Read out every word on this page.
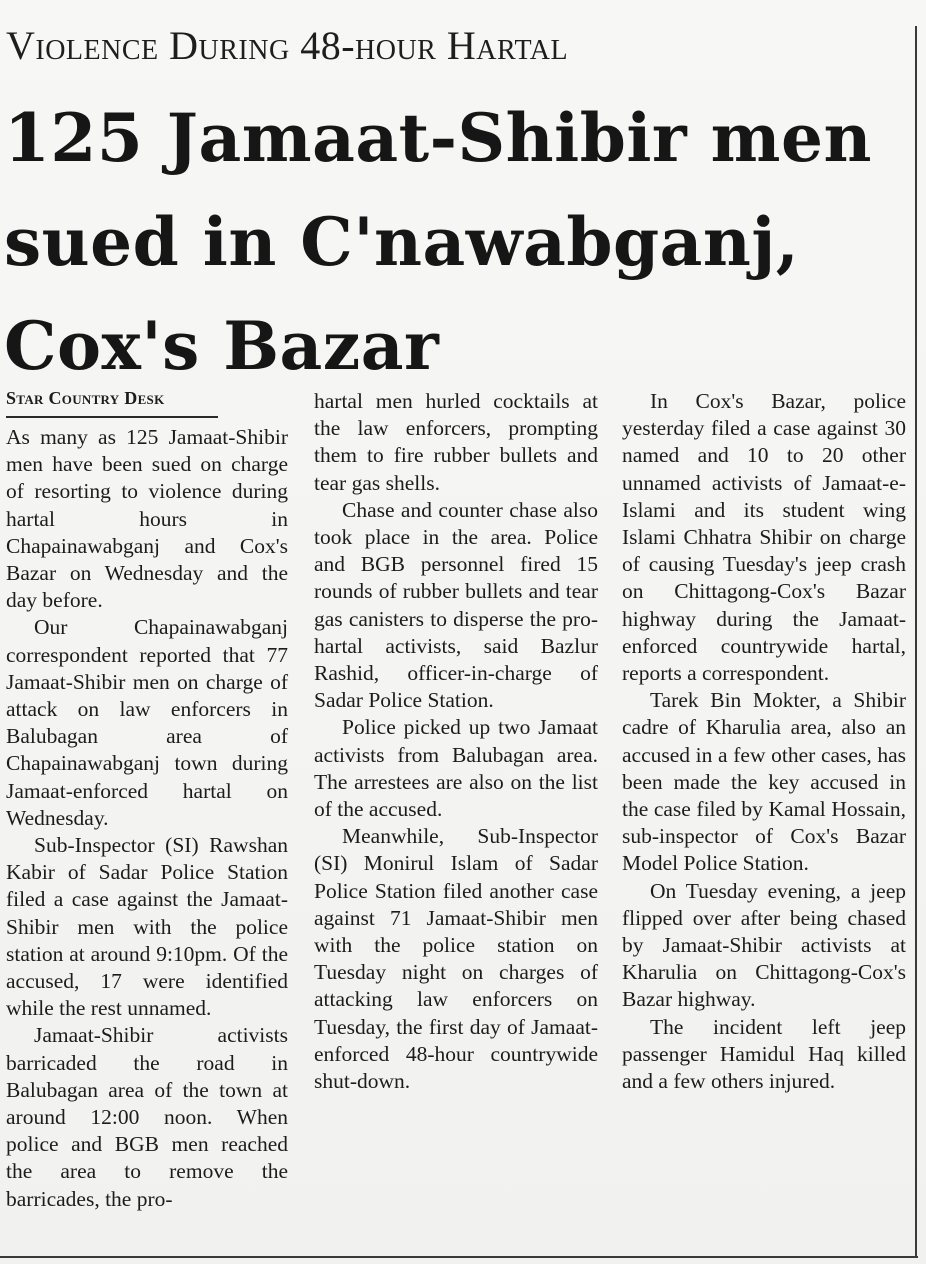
Violence During 48-hour Hartal
125 Jamaat-Shibir men
sued in C'nawabganj,
Cox's Bazar
Star Country Desk

As many as 125 Jamaat-Shibir men have been sued on charge of resorting to violence during hartal hours in Chapainawabganj and Cox's Bazar on Wednesday and the day before.

Our Chapainawabganj correspondent reported that 77 Jamaat-Shibir men on charge of attack on law enforcers in Balubagan area of Chapainawabganj town during Jamaat-enforced hartal on Wednesday.

Sub-Inspector (SI) Rawshan Kabir of Sadar Police Station filed a case against the Jamaat-Shibir men with the police station at around 9:10pm. Of the accused, 17 were identified while the rest unnamed.

Jamaat-Shibir activists barricaded the road in Balubagan area of the town at around 12:00 noon. When police and BGB men reached the area to remove the barricades, the pro-

hartal men hurled cocktails at the law enforcers, prompting them to fire rubber bullets and tear gas shells.

Chase and counter chase also took place in the area. Police and BGB personnel fired 15 rounds of rubber bullets and tear gas canisters to disperse the pro-hartal activists, said Bazlur Rashid, officer-in-charge of Sadar Police Station.

Police picked up two Jamaat activists from Balubagan area. The arrestees are also on the list of the accused.

Meanwhile, Sub-Inspector (SI) Monirul Islam of Sadar Police Station filed another case against 71 Jamaat-Shibir men with the police station on Tuesday night on charges of attacking law enforcers on Tuesday, the first day of Jamaat-enforced 48-hour countrywide shut-down.

In Cox's Bazar, police yesterday filed a case against 30 named and 10 to 20 other unnamed activists of Jamaat-e-Islami and its student wing Islami Chhatra Shibir on charge of causing Tuesday's jeep crash on Chittagong-Cox's Bazar highway during the Jamaat-enforced countrywide hartal, reports a correspondent.

Tarek Bin Mokter, a Shibir cadre of Kharulia area, also an accused in a few other cases, has been made the key accused in the case filed by Kamal Hossain, sub-inspector of Cox's Bazar Model Police Station.

On Tuesday evening, a jeep flipped over after being chased by Jamaat-Shibir activists at Kharulia on Chittagong-Cox's Bazar highway.

The incident left jeep passenger Hamidul Haq killed and a few others injured.
